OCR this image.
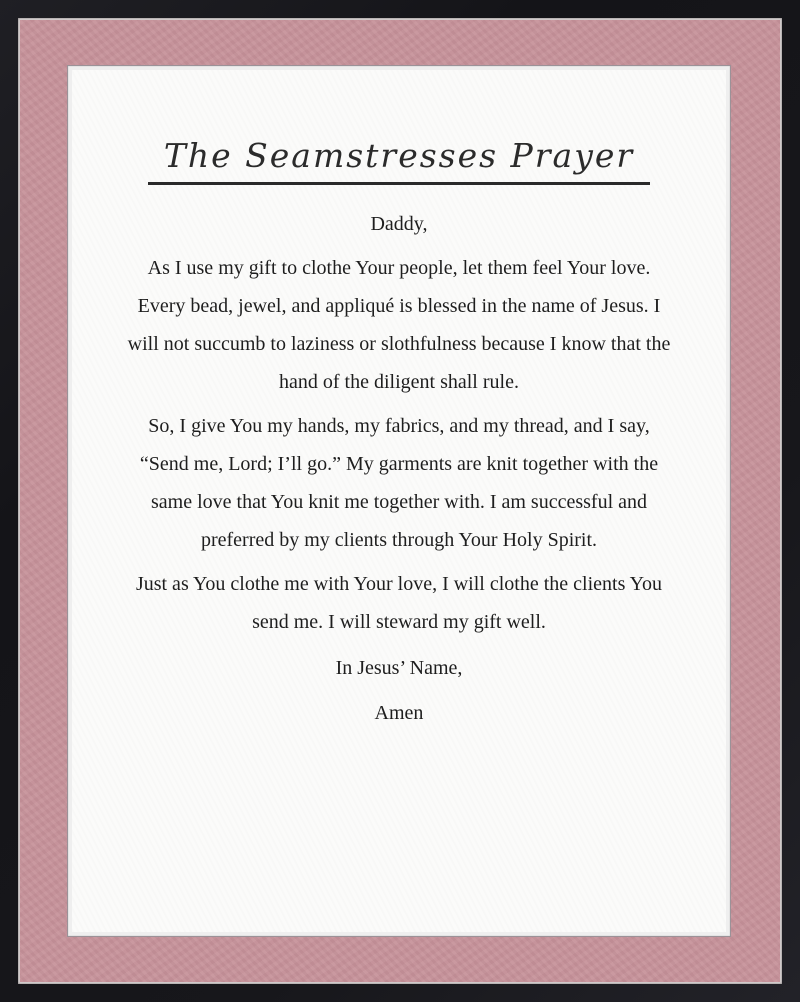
The Seamstresses Prayer

Daddy,

As I use my gift to clothe Your people, let them feel Your love. Every bead, jewel, and appliqué is blessed in the name of Jesus. I will not succumb to laziness or slothfulness because I know that the hand of the diligent shall rule.

So, I give You my hands, my fabrics, and my thread, and I say, “Send me, Lord; I’ll go.” My garments are knit together with the same love that You knit me together with. I am successful and preferred by my clients through Your Holy Spirit.

Just as You clothe me with Your love, I will clothe the clients You send me. I will steward my gift well.

In Jesus’ Name,

Amen
